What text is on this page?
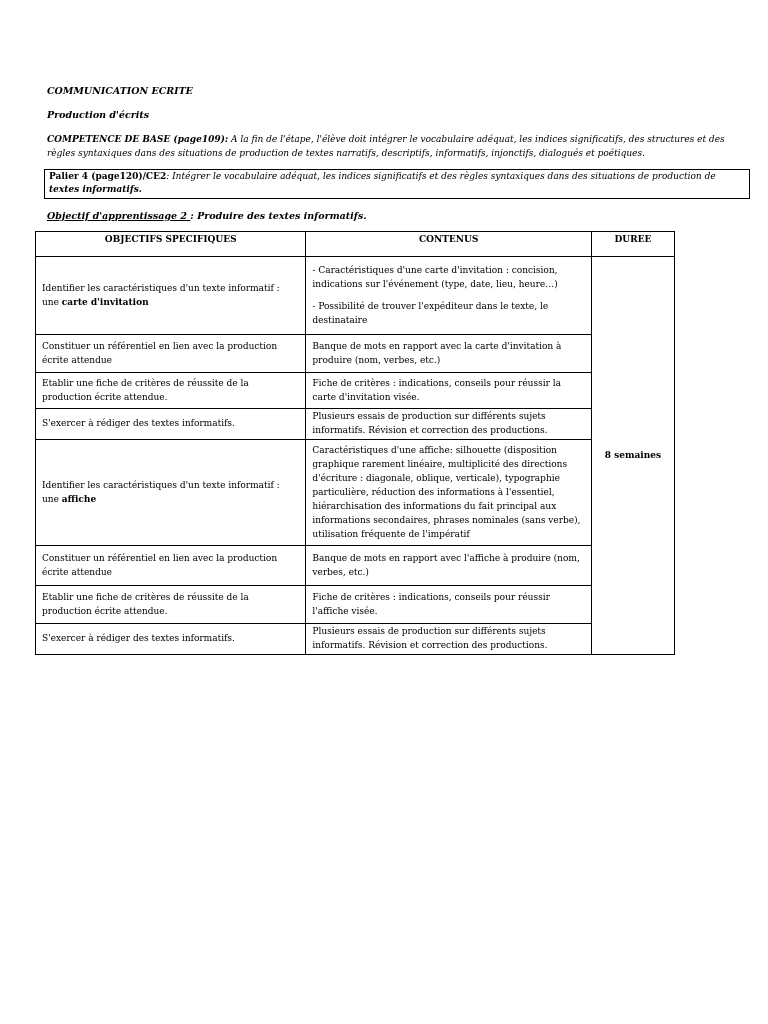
COMMUNICATION ECRITE

Production d'écrits

COMPETENCE DE BASE (page109): A la fin de l'étape, l'élève doit intégrer le vocabulaire adéquat, les indices significatifs, des structures et des règles syntaxiques dans des situations de production de textes narratifs, descriptifs, informatifs, injonctifs, dialogués et poétiques.

Palier 4 (page120)/CE2: Intégrer le vocabulaire adéquat, les indices significatifs et des règles syntaxiques dans des situations de production de textes informatifs.

Objectif d'apprentissage 2 : Produire des textes informatifs.

OBJECTIFS SPECIFIQUES	CONTENUS	DUREE
Identifier les caractéristiques d'un texte informatif : une carte d'invitation	- Caractéristiques d'une carte d'invitation : concision, indications sur l'événement (type, date, lieu, heure…)

- Possibilité de trouver l'expéditeur dans le texte, le destinataire	8 semaines
Constituer un référentiel en lien avec la production écrite attendue	Banque de mots en rapport avec la carte d'invitation à produire (nom, verbes, etc.)	
Etablir une fiche de critères de réussite de la production écrite attendue.	Fiche de critères : indications, conseils pour réussir la carte d'invitation visée.	
S'exercer à rédiger des textes informatifs.	Plusieurs essais de production sur différents sujets informatifs. Révision et correction des productions.	
Identifier les caractéristiques d'un texte informatif : une affiche	Caractéristiques d'une affiche: silhouette (disposition graphique rarement linéaire, multiplicité des directions d'écriture : diagonale, oblique, verticale), typographie particulière, réduction des informations à l'essentiel, hiérarchisation des informations du fait principal aux informations secondaires, phrases nominales (sans verbe), utilisation fréquente de l'impératif	
Constituer un référentiel en lien avec la production écrite attendue	Banque de mots en rapport avec l'affiche à produire (nom, verbes, etc.)	
Etablir une fiche de critères de réussite de la production écrite attendue.	Fiche de critères : indications, conseils pour réussir l'affiche visée.	
S'exercer à rédiger des textes informatifs.	Plusieurs essais de production sur différents sujets informatifs. Révision et correction des productions.	
